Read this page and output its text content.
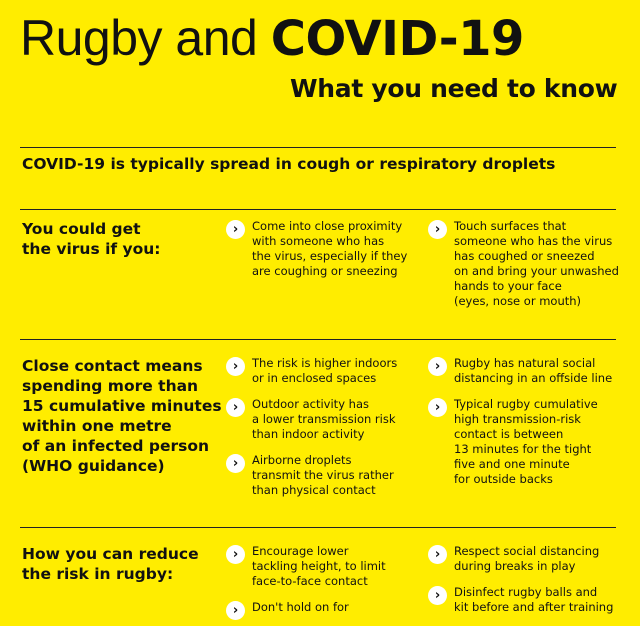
Rugby and COVID-19
What you need to know
COVID-19 is typically spread in cough or respiratory droplets
You could get
the virus if you:
›	Come into close proximity
with someone who has
the virus, especially if they
are coughing or sneezing
›	Touch surfaces that
someone who has the virus
has coughed or sneezed
on and bring your unwashed
hands to your face
(eyes, nose or mouth)
Close contact means
spending more than
15 cumulative minutes
within one metre
of an infected person
(WHO guidance)
›	The risk is higher indoors
or in enclosed spaces
›	Outdoor activity has
a lower transmission risk
than indoor activity
›	Airborne droplets
transmit the virus rather
than physical contact
›	Rugby has natural social
distancing in an offside line
›	Typical rugby cumulative
high transmission-risk
contact is between
13 minutes for the tight
five and one minute
for outside backs
How you can reduce
the risk in rugby:
›	Encourage lower
tackling height, to limit
face-to-face contact
›	Don't hold on for
›	Respect social distancing
during breaks in play
›	Disinfect rugby balls and
kit before and after training
